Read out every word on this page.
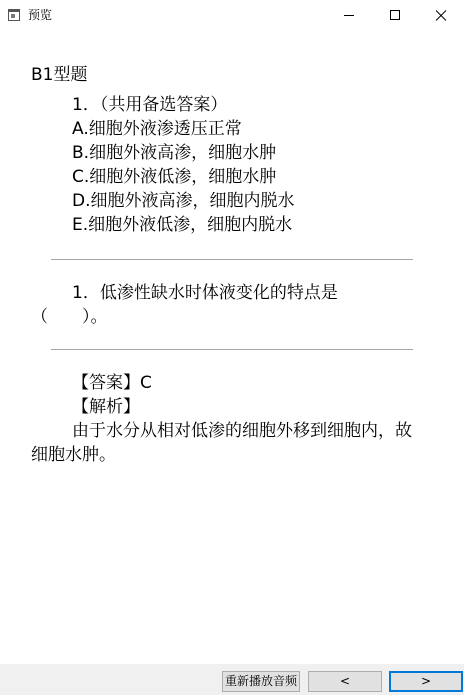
预览
B1型题
1．（共用备选答案）
A.细胞外液渗透压正常
B.细胞外液高渗，细胞水肿
C.细胞外液低渗，细胞水肿
D.细胞外液高渗，细胞内脱水
E.细胞外液低渗，细胞内脱水
1．低渗性缺水时体液变化的特点是（　　）。
【答案】C
【解析】

由于水分从相对低渗的细胞外移到细胞内，故细胞水肿。

重新播放音频	<	>
